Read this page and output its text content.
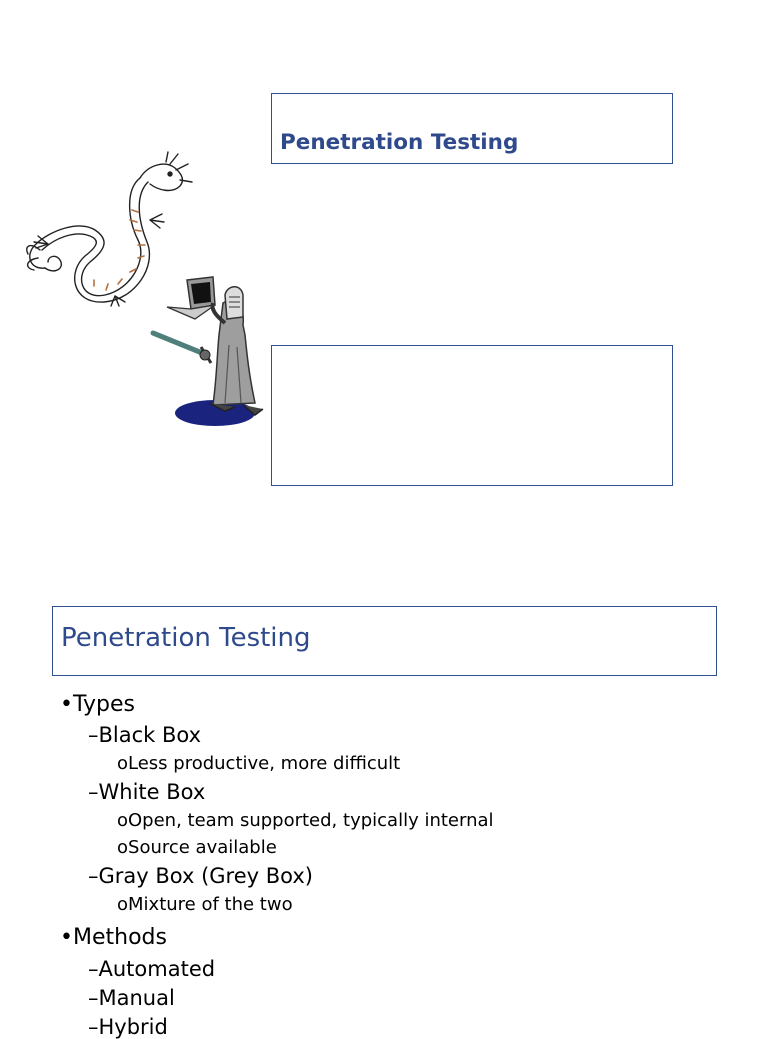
Penetration Testing
Penetration Testing
•Types
–Black Box
oLess productive, more difficult
–White Box
oOpen, team supported, typically internal
oSource available
–Gray Box (Grey Box)
oMixture of the two
•Methods
–Automated
–Manual
–Hybrid
